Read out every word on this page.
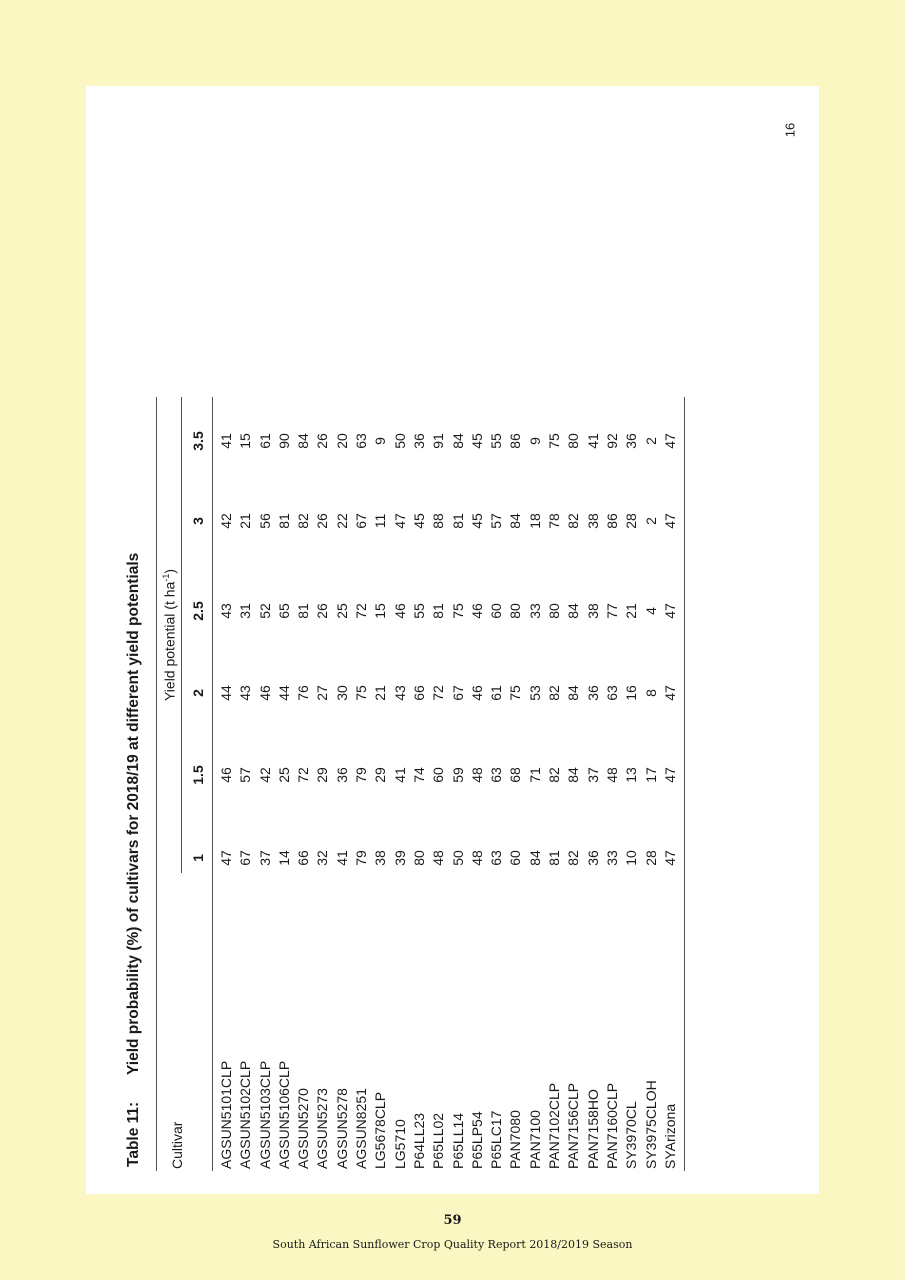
16
Table 11:Yield probability (%) of cultivars for 2018/19 at different yield potentials
Cultivar
Yield potential (t $ha^{-1}$)
1
1.5
2
2.5
3
3.5
AGSUN5101CLP
47
46
44
43
42
41
AGSUN5102CLP
67
57
43
31
21
15
AGSUN5103CLP
37
42
46
52
56
61
AGSUN5106CLP
14
25
44
65
81
90
AGSUN5270
66
72
76
81
82
84
AGSUN5273
32
29
27
26
26
26
AGSUN5278
41
36
30
25
22
20
AGSUN8251
79
79
75
72
67
63
LG5678CLP
38
29
21
15
11
9
LG5710
39
41
43
46
47
50
P64LL23
80
74
66
55
45
36
P65LL02
48
60
72
81
88
91
P65LL14
50
59
67
75
81
84
P65LP54
48
48
46
46
45
45
P65LC17
63
63
61
60
57
55
PAN7080
60
68
75
80
84
86
PAN7100
84
71
53
33
18
9
PAN7102CLP
81
82
82
80
78
75
PAN7156CLP
82
84
84
84
82
80
PAN7158HO
36
37
36
38
38
41
PAN7160CLP
33
48
63
77
86
92
SY3970CL
10
13
16
21
28
36
SY3975CLOH
28
17
8
4
2
2
SYArizona
47
47
47
47
47
47
59
South African Sunflower Crop Quality Report 2018/2019 Season
